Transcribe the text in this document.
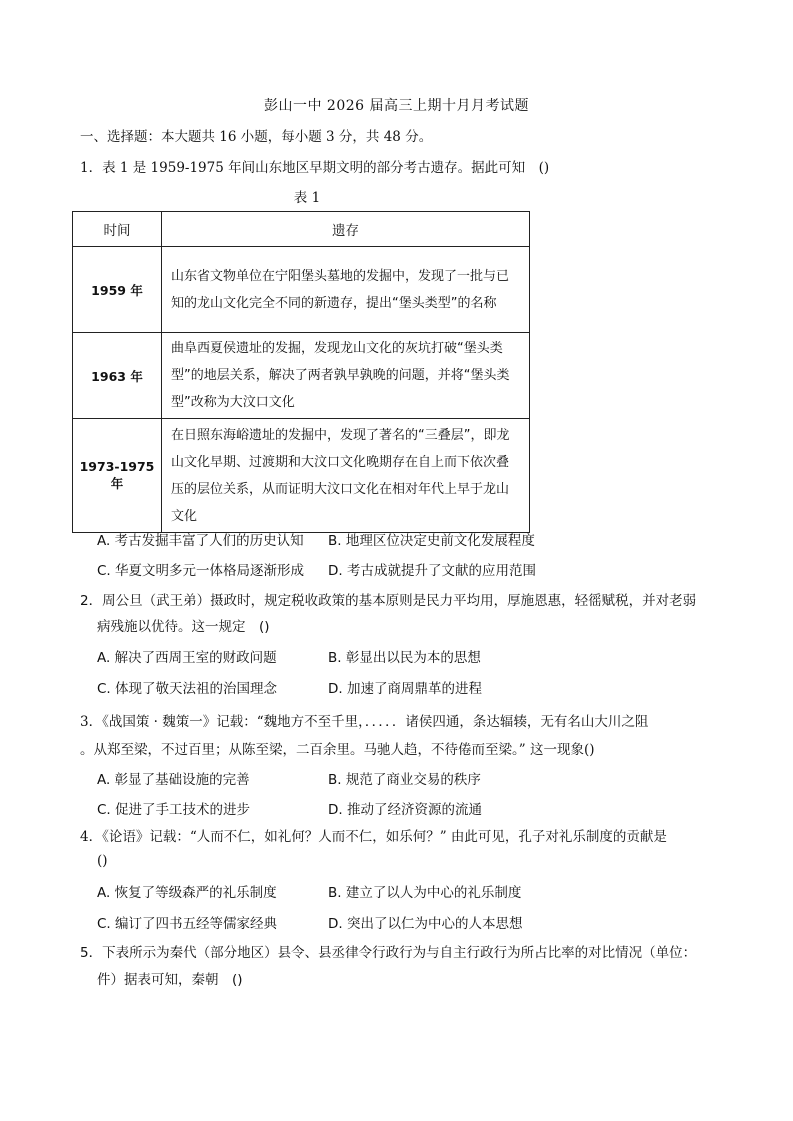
彭山一中 2026 届高三上期十月月考试题
一、选择题：本大题共 16 小题，每小题 3 分，共 48 分。
1．表 1 是 1959-1975 年间山东地区早期文明的部分考古遗存。据此可知　()
表 1
时间	遗存
1959 年	山东省文物单位在宁阳堡头墓地的发掘中，发现了一批与已知的龙山文化完全不同的新遗存，提出“堡头类型”的名称
1963 年	曲阜西夏侯遗址的发掘，发现龙山文化的灰坑打破“堡头类型”的地层关系，解决了两者孰早孰晚的问题，并将“堡头类型”改称为大汶口文化
1973-1975 年	在日照东海峪遗址的发掘中，发现了著名的“三叠层”，即龙山文化早期、过渡期和大汶口文化晚期存在自上而下依次叠压的层位关系，从而证明大汶口文化在相对年代上早于龙山文化
A. 考古发掘丰富了人们的历史认知 B. 地理区位决定史前文化发展程度
C. 华夏文明多元一体格局逐渐形成 D. 考古成就提升了文献的应用范围
2．周公旦（武王弟）摄政时，规定税收政策的基本原则是民力平均用，厚施恩惠，轻徭赋税，并对老弱
病残施以优待。这一规定　()
A. 解决了西周王室的财政问题	B. 彰显出以民为本的思想
C. 体现了敬天法祖的治国理念	D. 加速了商周鼎革的进程
3．《战国策 · 魏策一》记载：“魏地方不至千里，．．．．．诸侯四通，条达辐辏，无有名山大川之阻
。从郑至梁，不过百里；从陈至梁，二百余里。马驰人趋，不待倦而至梁。” 这一现象()
A. 彰显了基础设施的完善	B. 规范了商业交易的秩序
C. 促进了手工技术的进步	D. 推动了经济资源的流通
4．《论语》记载：“人而不仁，如礼何？人而不仁，如乐何？” 由此可见，孔子对礼乐制度的贡献是
()
A. 恢复了等级森严的礼乐制度	B. 建立了以人为中心的礼乐制度
C. 编订了四书五经等儒家经典	D. 突出了以仁为中心的人本思想
5．下表所示为秦代（部分地区）县令、县丞律令行政行为与自主行政行为所占比率的对比情况（单位：
件）据表可知，秦朝　()
